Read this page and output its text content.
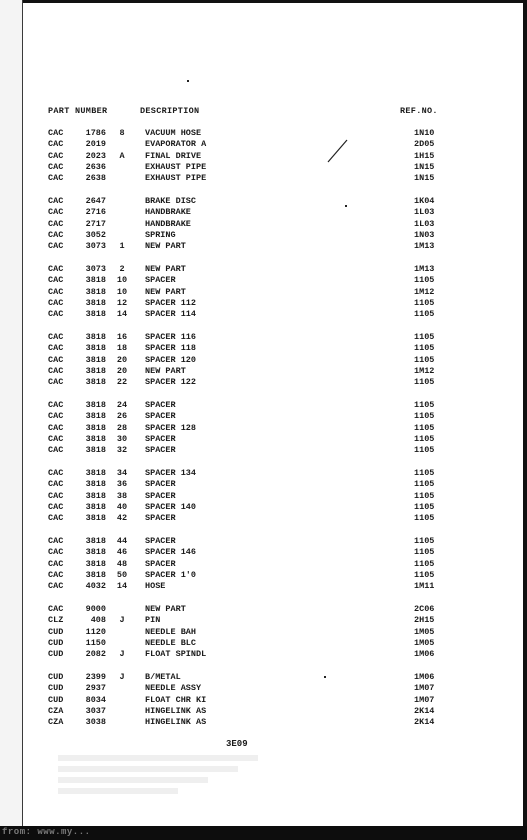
PART NUMBER	DESCRIPTION	REF.NO.
CAC	1786	8	VACUUM HOSE	1N10
CAC	2019	EVAPORATOR A	2D05
CAC	2023	A	FINAL DRIVE	1H15
CAC	2636	EXHAUST PIPE	1N15
CAC	2638	EXHAUST PIPE	1N15
CAC	2647	BRAKE DISC	1K04
CAC	2716	HANDBRAKE	1L03
CAC	2717	HANDBRAKE	1L03
CAC	3052	SPRING	1N03
CAC	3073	1	NEW PART	1M13
CAC	3073	2	NEW PART	1M13
CAC	3818	10	SPACER	1105
CAC	3818	10	NEW PART	1M12
CAC	3818	12	SPACER 112	1105
CAC	3818	14	SPACER 114	1105
CAC	3818	16	SPACER 116	1105
CAC	3818	18	SPACER 118	1105
CAC	3818	20	SPACER 120	1105
CAC	3818	20	NEW PART	1M12
CAC	3818	22	SPACER 122	1105
CAC	3818	24	SPACER	1105
CAC	3818	26	SPACER	1105
CAC	3818	28	SPACER 128	1105
CAC	3818	30	SPACER	1105
CAC	3818	32	SPACER	1105
CAC	3818	34	SPACER 134	1105
CAC	3818	36	SPACER	1105
CAC	3818	38	SPACER	1105
CAC	3818	40	SPACER 140	1105
CAC	3818	42	SPACER	1105
CAC	3818	44	SPACER	1105
CAC	3818	46	SPACER 146	1105
CAC	3818	48	SPACER	1105
CAC	3818	50	SPACER 1'0	1105
CAC	4032	14	HOSE	1M11
CAC	9000	NEW PART	2C06
CLZ	408	J	PIN	2H15
CUD	1120	NEEDLE ВАН	1M05
CUD	1150	NEEDLE BLC	1M05
CUD	2082	J	FLOAT SPINDL	1M06
CUD	2399	J	B/METAL	1M06
CUD	2937	NEEDLE ASSY	1M07
CUD	8034	FLOAT CHR KI	1M07
CZA	3037	HINGELINK AS	2K14
CZA	3038	HINGELINK AS	2K14
3E09
from: www.my...
